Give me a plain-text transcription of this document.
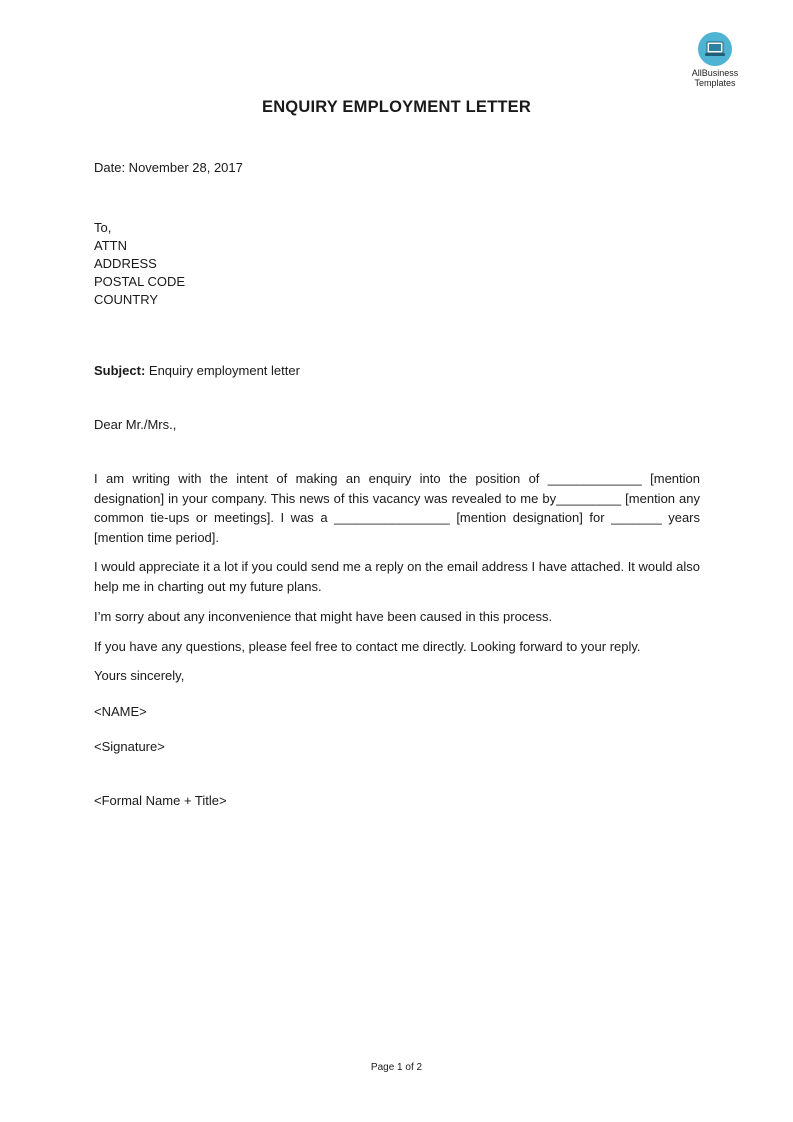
AllBusiness
Templates
ENQUIRY EMPLOYMENT LETTER
Date: November 28, 2017
To,
ATTN
ADDRESS
POSTAL CODE
COUNTRY
Subject: Enquiry employment letter
Dear Mr./Mrs.,

I am writing with the intent of making an enquiry into the position of _____________ [mention designation] in your company. This news of this vacancy was revealed to me by_________ [mention any common tie-ups or meetings]. I was a ________________ [mention designation] for _______ years [mention time period].

I would appreciate it a lot if you could send me a reply on the email address I have attached. It would also help me in charting out my future plans.

I’m sorry about any inconvenience that might have been caused in this process.

If you have any questions, please feel free to contact me directly. Looking forward to your reply.

Yours sincerely,
<NAME>
<Signature>
<Formal Name + Title>
Page 1 of 2
